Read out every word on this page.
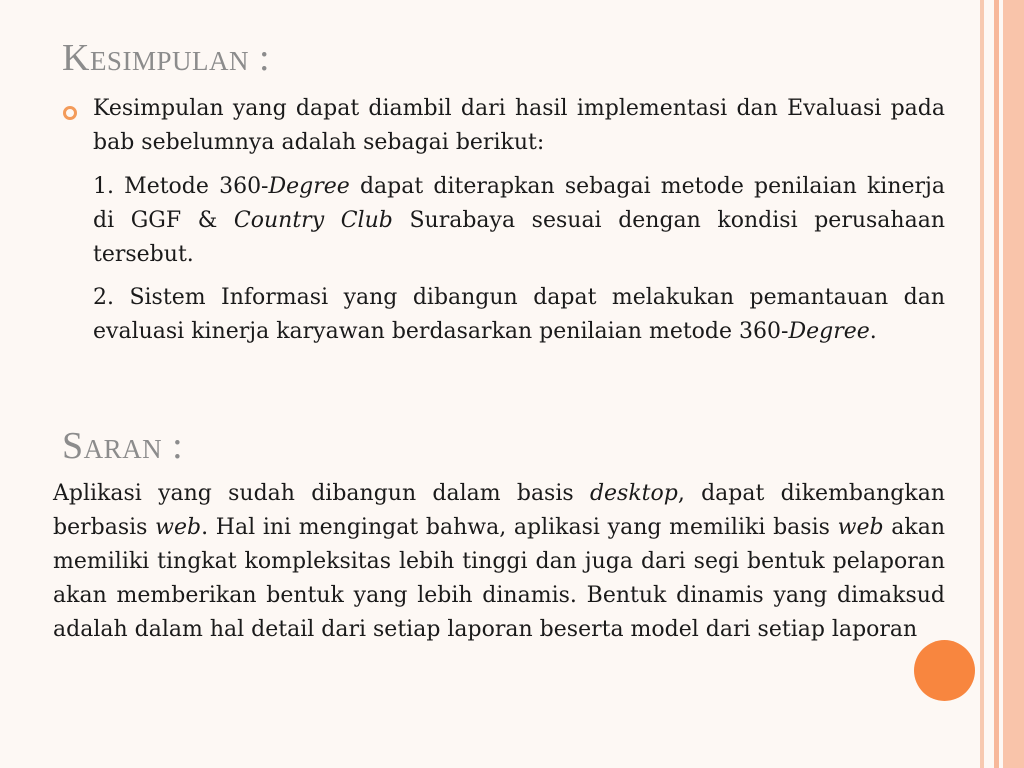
Kesimpulan :

Kesimpulan yang dapat diambil dari hasil implementasi dan Evaluasi pada bab sebelumnya adalah sebagai berikut:

1. Metode 360-Degree dapat diterapkan sebagai metode penilaian kinerja di GGF & Country Club Surabaya sesuai dengan kondisi perusahaan tersebut.

2. Sistem Informasi yang dibangun dapat melakukan pemantauan dan evaluasi kinerja karyawan berdasarkan penilaian metode 360-Degree.

Saran :

Aplikasi yang sudah dibangun dalam basis desktop, dapat dikembangkan berbasis web. Hal ini mengingat bahwa, aplikasi yang memiliki basis web akan memiliki tingkat kompleksitas lebih tinggi dan juga dari segi bentuk pelaporan akan memberikan bentuk yang lebih dinamis. Bentuk dinamis yang dimaksud adalah dalam hal detail dari setiap laporan beserta model dari setiap laporan
